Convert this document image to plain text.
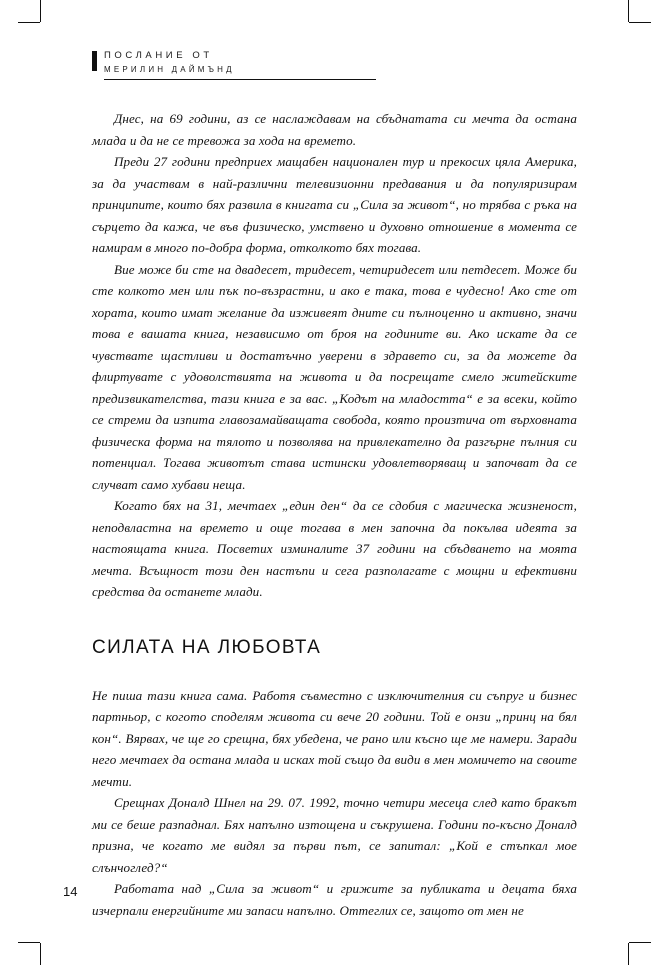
ПОСЛАНИЕ ОТ
МЕРИЛИН ДАЙМЪНД

Днес, на 69 години, аз се наслаждавам на сбъднатата си мечта да остана млада и да не се тревожа за хода на времето.

Преди 27 години предприех мащабен национален тур и прекосих цяла Америка, за да участвам в най-различни телевизионни предавания и да популяризирам принципите, които бях развила в книгата си „Сила за живот“, но трябва с ръка на сърцето да кажа, че във физическо, умствено и духовно отношение в момента се намирам в много по-добра форма, отколкото бях тогава.

Вие може би сте на двадесет, тридесет, четиридесет или петдесет. Може би сте колкото мен или пък по-възрастни, и ако е така, това е чудесно! Ако сте от хората, които имат желание да изживеят дните си пълноценно и активно, значи това е вашата книга, независимо от броя на годините ви. Ако искате да се чувствате щастливи и достатъчно уверени в здравето си, за да можете да флиртувате с удоволствията на живота и да посрещате смело житейските предизвикателства, тази книга е за вас. „Кодът на младостта“ е за всеки, който се стреми да изпита главозамайващата свобода, която произтича от върховната физическа форма на тялото и позволява на привлекателно да разгърне пълния си потенциал. Тогава животът става истински удовлетворяващ и започват да се случват само хубави неща.

Когато бях на 31, мечтаех „един ден“ да се сдобия с магическа жизненост, неподвластна на времето и още тогава в мен започна да покълва идеята за настоящата книга. Посветих изминалите 37 години на сбъдването на моята мечта. Всъщност този ден настъпи и сега разполагате с мощни и ефективни средства да останете млади.

СИЛАТА НА ЛЮБОВТА

Не пиша тази книга сама. Работя съвместно с изключителния си съпруг и бизнес партньор, с когото споделям живота си вече 20 години. Той е онзи „принц на бял кон“. Вярвах, че ще го срещна, бях убедена, че рано или късно ще ме намери. Заради него мечтаех да остана млада и исках той също да види в мен момичето на своите мечти.

Срещнах Доналд Шнел на 29. 07. 1992, точно четири месеца след като бракът ми се беше разпаднал. Бях напълно изтощена и съкрушена. Години по-късно Доналд призна, че когато ме видял за първи път, се запитал: „Кой е стъпкал мое слънчоглед?“

Работата над „Сила за живот“ и грижите за публиката и децата бяха изчерпали енергийните ми запаси напълно. Оттеглих се, защото от мен не

14
